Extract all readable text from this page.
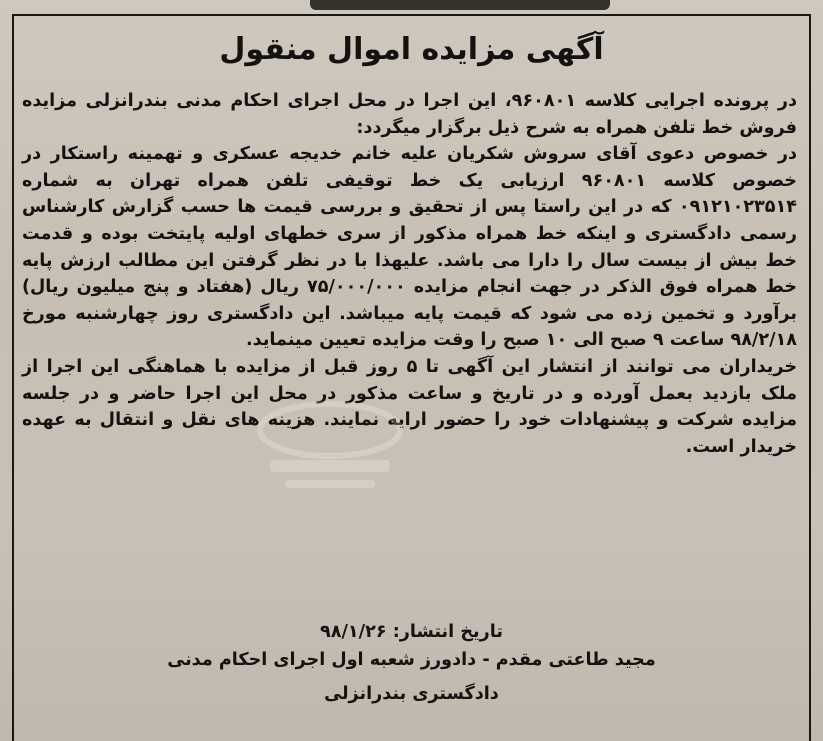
آگهی مزایده اموال منقول

در پرونده اجرایی کلاسه ۹۶۰۸۰۱، این اجرا در محل اجرای احکام مدنی بندرانزلی مزایده فروش خط تلفن همراه به شرح ذیل برگزار میگردد:

در خصوص دعوی آقای سروش شکریان علیه خانم خدیجه عسکری و تهمینه راستکار در خصوص کلاسه ۹۶۰۸۰۱ ارزیابی یک خط توقیفی تلفن همراه تهران به شماره ۰۹۱۲۱۰۲۳۵۱۴ که در این راستا پس از تحقیق و بررسی قیمت ها حسب گزارش کارشناس رسمی دادگستری و اینکه خط همراه مذکور از سری خطهای اولیه پایتخت بوده و قدمت خط بیش از بیست سال را دارا می باشد. علیهذا با در نظر گرفتن این مطالب ارزش پایه خط همراه فوق الذکر در جهت انجام مزایده ۷۵/۰۰۰/۰۰۰ ریال (هفتاد و پنج میلیون ریال) برآورد و تخمین زده می شود که قیمت پایه میباشد. این دادگستری روز چهارشنبه مورخ ۹۸/۲/۱۸ ساعت ۹ صبح الی ۱۰ صبح را وقت مزایده تعیین مینماید.

خریداران می توانند از انتشار این آگهی تا ۵ روز قبل از مزایده با هماهنگی این اجرا از ملک بازدید بعمل آورده و در تاریخ و ساعت مذکور در محل این اجرا حاضر و در جلسه مزایده شرکت و پیشنهادات خود را حضور ارایه نمایند. هزینه های نقل و انتقال به عهده خریدار است.

تاریخ انتشار: ۹۸/۱/۲۶
مجید طاعتی مقدم - دادورز شعبه اول اجرای احکام مدنی
دادگستری بندرانزلی
